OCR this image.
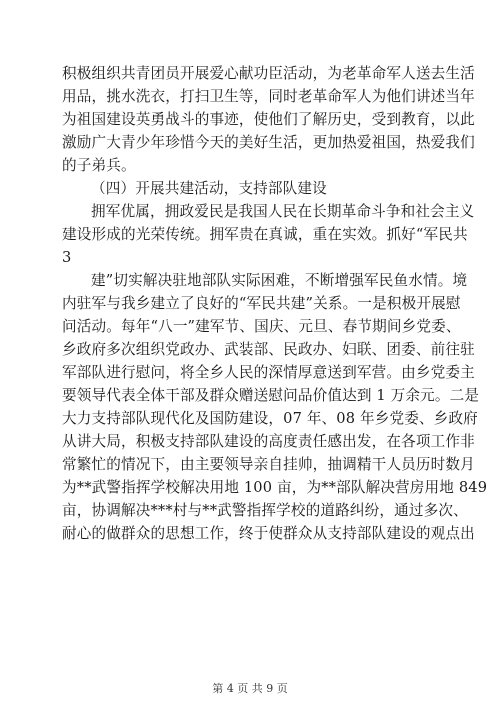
积极组织共青团员开展爱心献功臣活动，为老革命军人送去生活
用品，挑水洗衣，打扫卫生等，同时老革命军人为他们讲述当年
为祖国建设英勇战斗的事迹，使他们了解历史，受到教育，以此
激励广大青少年珍惜今天的美好生活，更加热爱祖国，热爱我们
的子弟兵。
（四）开展共建活动，支持部队建设
拥军优属，拥政爱民是我国人民在长期革命斗争和社会主义
建设形成的光荣传统。拥军贵在真诚，重在实效。抓好“军民共
3
建”切实解决驻地部队实际困难，不断增强军民鱼水情。境
内驻军与我乡建立了良好的“军民共建”关系。一是积极开展慰
问活动。每年“八一”建军节、国庆、元旦、春节期间乡党委、
乡政府多次组织党政办、武装部、民政办、妇联、团委、前往驻
军部队进行慰问，将全乡人民的深情厚意送到军营。由乡党委主
要领导代表全体干部及群众赠送慰问品价值达到 1 万余元。二是
大力支持部队现代化及国防建设，07 年、08 年乡党委、乡政府
从讲大局，积极支持部队建设的高度责任感出发，在各项工作非
常繁忙的情况下，由主要领导亲自挂帅，抽调精干人员历时数月
为**武警指挥学校解决用地 100 亩，为**部队解决营房用地 849
亩，协调解决***村与**武警指挥学校的道路纠纷，通过多次、
耐心的做群众的思想工作，终于使群众从支持部队建设的观点出
第 4 页 共 9 页
